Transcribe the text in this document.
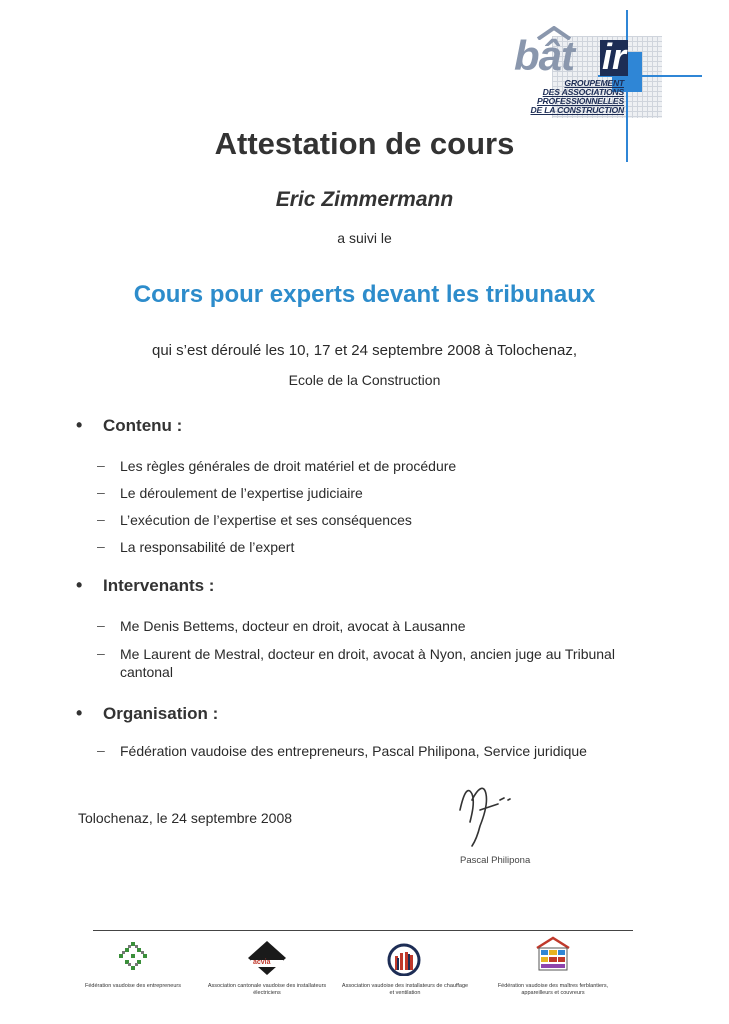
bât ir
GROUPEMENT
DES ASSOCIATIONS
PROFESSIONNELLES
DE LA CONSTRUCTION
Attestation de cours
Eric Zimmermann
a suivi le
Cours pour experts devant les tribunaux
qui s’est déroulé les 10, 17 et 24 septembre 2008 à Tolochenaz,
Ecole de la Construction
• Contenu :
– Les règles générales de droit matériel et de procédure
– Le déroulement de l’expertise judiciaire
– L’exécution de l’expertise et ses conséquences
– La responsabilité de l’expert
• Intervenants :
– Me Denis Bettems, docteur en droit, avocat à Lausanne
– Me Laurent de Mestral, docteur en droit, avocat à Nyon, ancien juge au Tribunal cantonal
• Organisation :
– Fédération vaudoise des entrepreneurs, Pascal Philipona, Service juridique
Tolochenaz, le 24 septembre 2008
Pascal Philipona
Fédération vaudoise des entrepreneurs
acvia
Association cantonale vaudoise des installateurs électriciens
Association vaudoise des installateurs de chauffage et ventilation
Fédération vaudoise des maîtres ferblantiers, appareilleurs et couvreurs
